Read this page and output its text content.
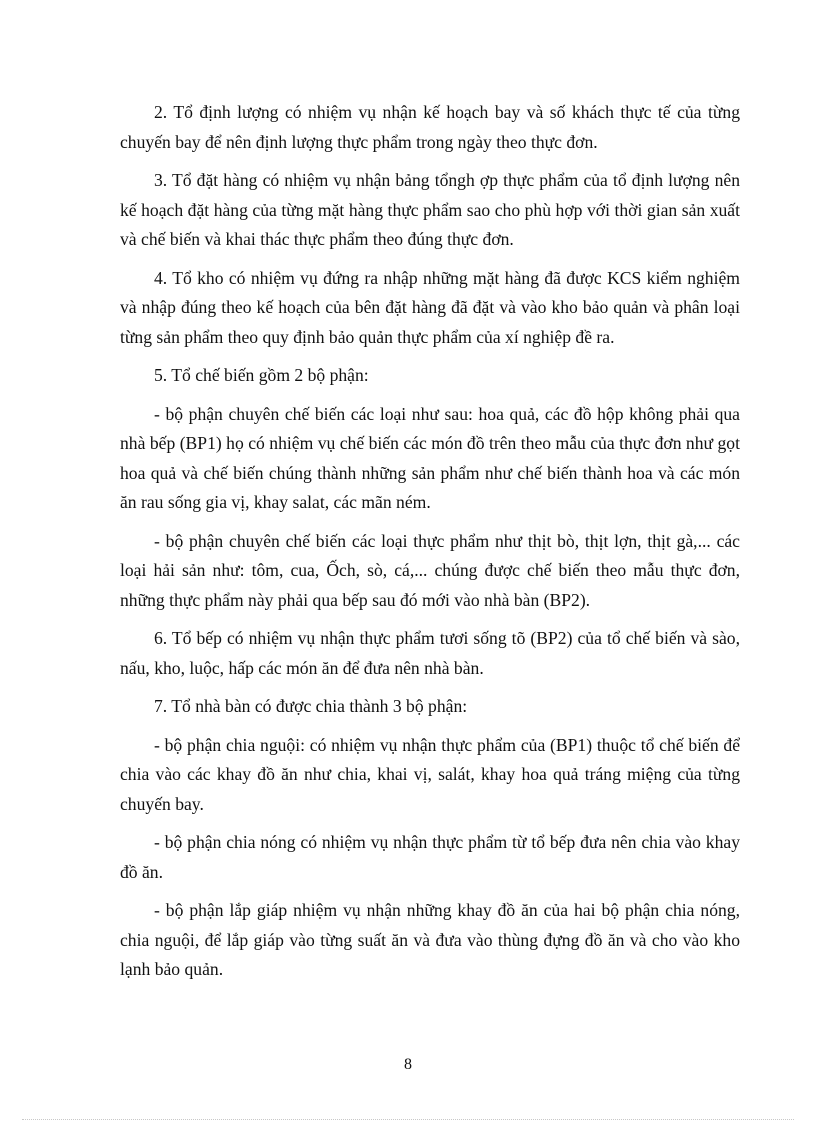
2. Tổ định lượng có nhiệm vụ nhận kế hoạch bay và số khách thực tế của từng chuyến bay để nên định lượng thực phẩm trong ngày theo thực đơn.

3. Tổ đặt hàng có nhiệm vụ nhận bảng tổngh ợp thực phẩm của tổ định lượng nên kế hoạch đặt hàng của từng mặt hàng thực phẩm sao cho phù hợp với thời gian sản xuất và chế biến và khai thác thực phẩm theo đúng thực đơn.

4. Tổ kho có nhiệm vụ đứng ra nhập những mặt hàng đã được KCS kiểm nghiệm và nhập đúng theo kế hoạch của bên đặt hàng đã đặt và vào kho bảo quản và phân loại từng sản phẩm theo quy định bảo quản thực phẩm của xí nghiệp đề ra.

5. Tổ chế biến gồm 2 bộ phận:

- bộ phận chuyên chế biến các loại như sau: hoa quả, các đồ hộp không phải qua nhà bếp (BP1) họ có nhiệm vụ chế biến các món đồ trên theo mẫu của thực đơn như gọt hoa quả và chế biến chúng thành những sản phẩm như chế biến thành hoa và các món ăn rau sống gia vị, khay salat, các mãn ném.

- bộ phận chuyên chế biến các loại thực phẩm như thịt bò, thịt lợn, thịt gà,... các loại hải sản như: tôm, cua, Ốch, sò, cá,... chúng được chế biến theo mẫu thực đơn, những thực phẩm này phải qua bếp sau đó mới vào nhà bàn (BP2).

6. Tổ bếp có nhiệm vụ nhận thực phẩm tươi sống tõ (BP2) của tổ chế biến và sào, nấu, kho, luộc, hấp các món ăn để đưa nên nhà bàn.

7. Tổ nhà bàn có được chia thành 3 bộ phận:

- bộ phận chia nguội: có nhiệm vụ nhận thực phẩm của (BP1) thuộc tổ chế biến để chia vào các khay đồ ăn như chia, khai vị, salát, khay hoa quả tráng miệng của từng chuyến bay.

- bộ phận chia nóng có nhiệm vụ nhận thực phẩm từ tổ bếp đưa nên chia vào khay đồ ăn.

- bộ phận lắp giáp nhiệm vụ nhận những khay đồ ăn của hai bộ phận chia nóng, chia nguội, để lắp giáp vào từng suất ăn và đưa vào thùng đựng đồ ăn và cho vào kho lạnh bảo quản.

8
